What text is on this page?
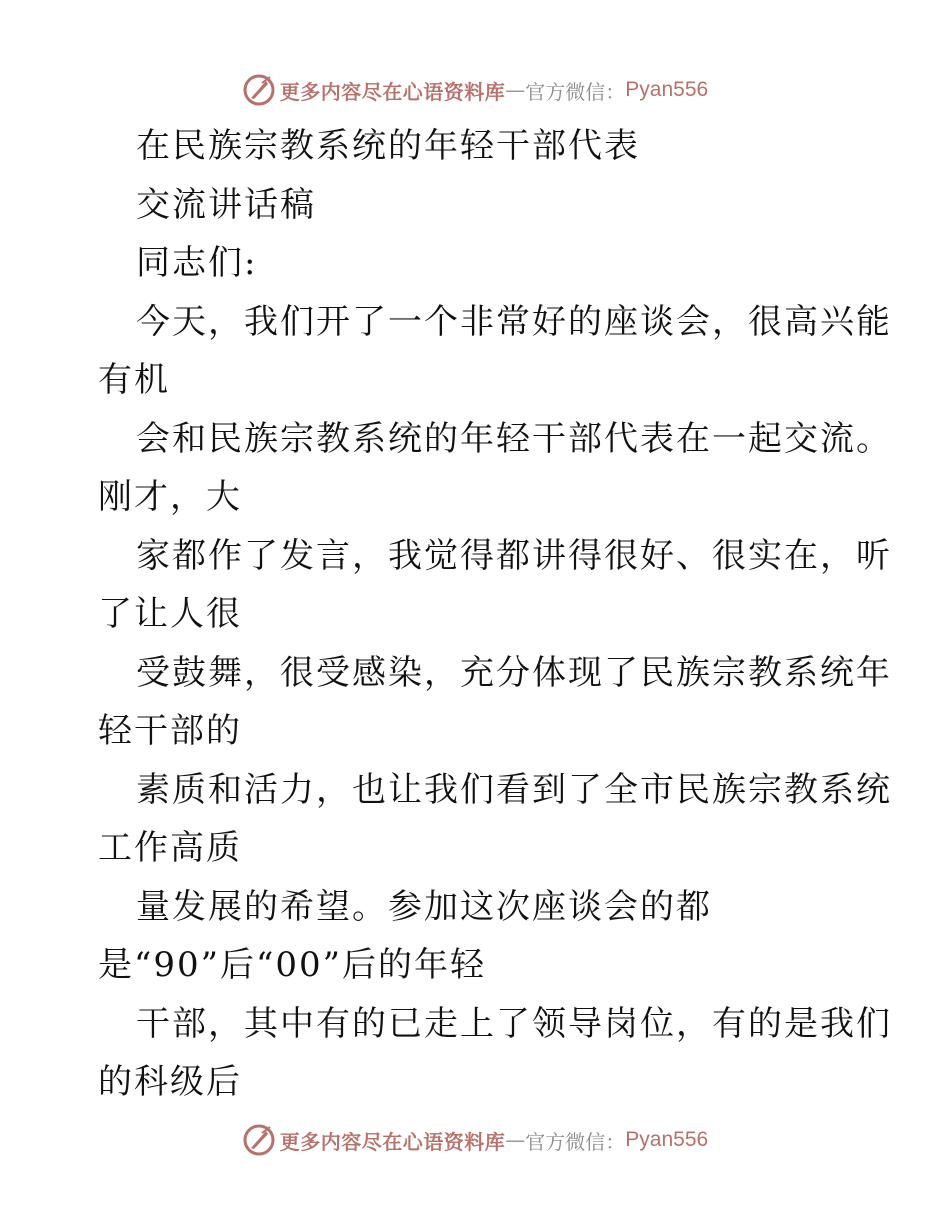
更多内容尽在心语资料库 — 官方微信： Pyan556
在民族宗教系统的年轻干部代表
交流讲话稿
同志们:
今天，我们开了一个非常好的座谈会，很高兴能
有机
会和民族宗教系统的年轻干部代表在一起交流。
刚才，大
家都作了发言，我觉得都讲得很好、很实在，听
了让人很
受鼓舞，很受感染，充分体现了民族宗教系统年
轻干部的
素质和活力，也让我们看到了全市民族宗教系统
工作高质
量发展的希望。参加这次座谈会的都
是“90”后“00”后的年轻
干部，其中有的已走上了领导岗位，有的是我们
的科级后
更多内容尽在心语资料库 — 官方微信： Pyan556
